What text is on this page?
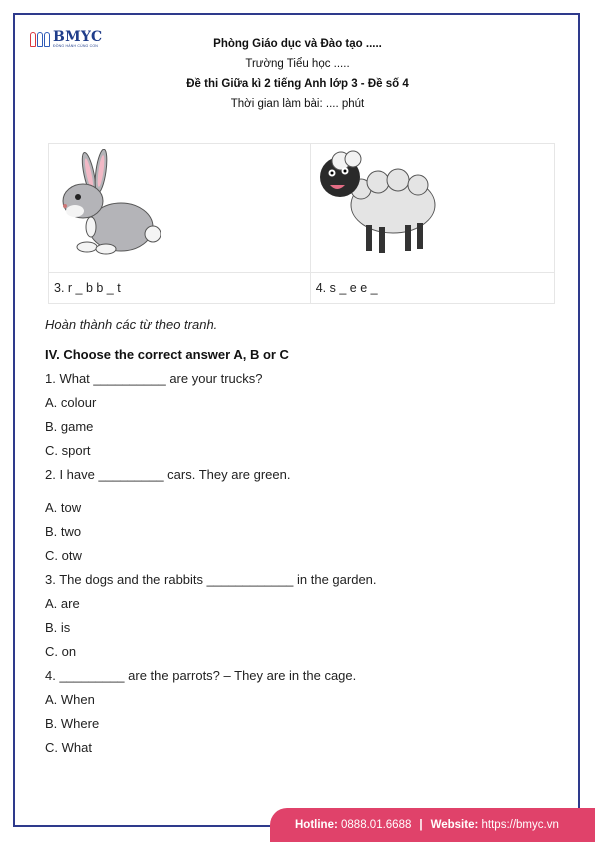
BMYC
ĐỒNG HÀNH CÙNG CON	Phòng Giáo dục và Đào tạo .....
Trường Tiểu học .....
Đề thi Giữa kì 2 tiếng Anh lớp 3 - Đề số 4
Thời gian làm bài: .... phút

3. r _ b b _ t	4. s _ e e _
Hoàn thành các từ theo tranh.
IV. Choose the correct answer A, B or C
1. What __________ are your trucks?
A. colour
B. game
C. sport
2. I have _________ cars. They are green.
A. tow
B. two
C. otw
3. The dogs and the rabbits ____________ in the garden.
A. are
B. is
C. on
4. _________ are the parrots? – They are in the cage.
A. When
B. Where
C. What
Hotline:
0888.01.6688 | Website:
https://bmyc.vn
